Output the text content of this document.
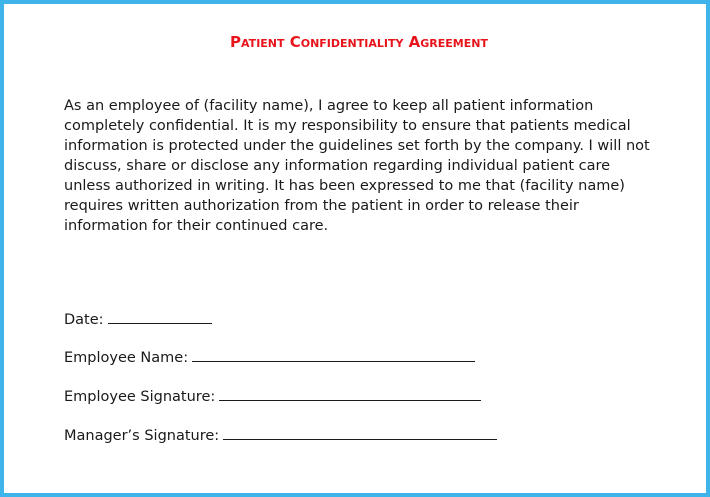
Patient Confidentiality Agreement
As an employee of (facility name), I agree to keep all patient information
completely confidential. It is my responsibility to ensure that patients medical
information is protected under the guidelines set forth by the company. I will not
discuss, share or disclose any information regarding individual patient care
unless authorized in writing. It has been expressed to me that (facility name)
requires written authorization from the patient in order to release their
information for their continued care.
Date:
Employee Name:
Employee Signature:
Manager’s Signature:
